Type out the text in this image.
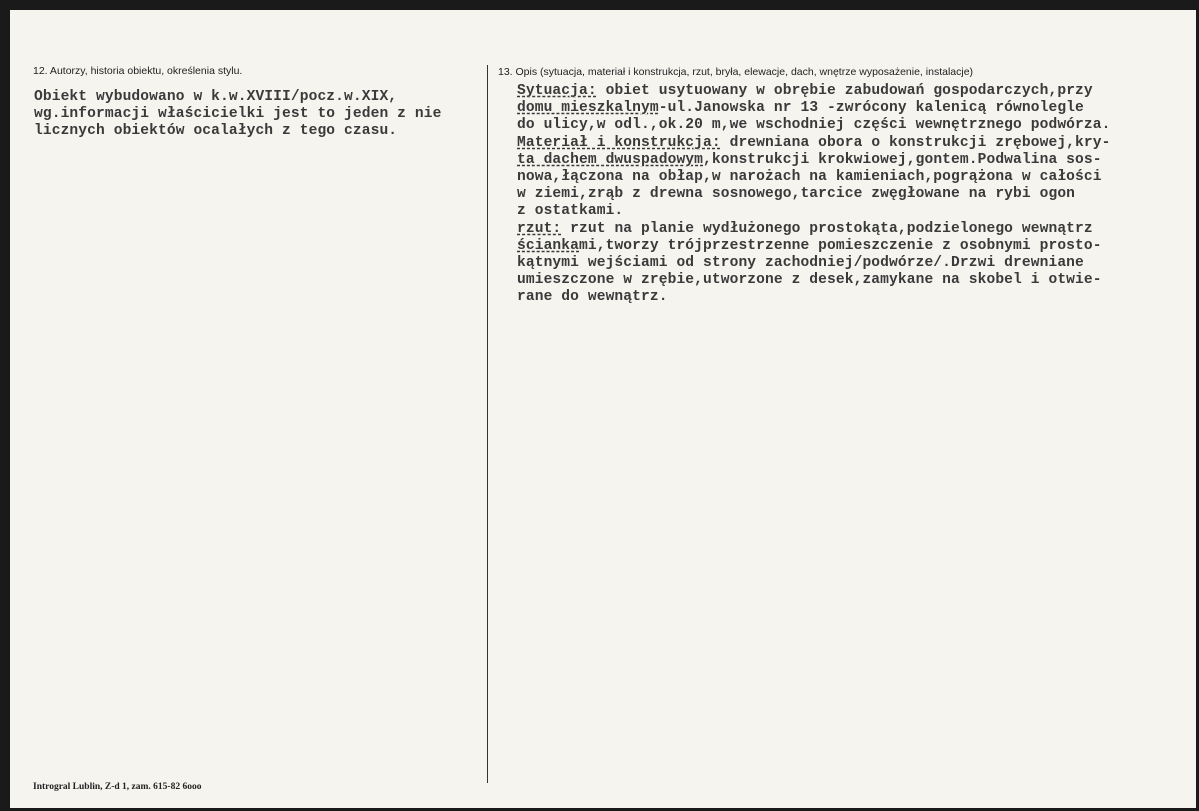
12. Autorzy, historia obiektu, określenia stylu.
Obiekt wybudowano w k.w.XVIII/pocz.w.XIX,
wg.informacji właścicielki jest to jeden z nie
licznych obiektów ocalałych z tego czasu.
13. Opis (sytuacja, materiał i konstrukcja, rzut, bryła, elewacje, dach, wnętrze wyposażenie, instalacje)
Sytuacja: obiet usytuowany w obrębie zabudowań gospodarczych,przy
domu mieszkalnym-ul.Janowska nr 13 -zwrócony kalenicą równolegle
do ulicy,w odl.,ok.20 m,we wschodniej części wewnętrznego podwórza.
Materiał i konstrukcja: drewniana obora o konstrukcji zrębowej,kry-
ta dachem dwuspadowym,konstrukcji krokwiowej,gontem.Podwalina sos-
nowa,łączona na obłap,w narożach na kamieniach,pogrążona w całości
w ziemi,zrąb z drewna sosnowego,tarcice zwęgłowane na rybi ogon
z ostatkami.
rzut: rzut na planie wydłużonego prostokąta,podzielonego wewnątrz
ściankami,tworzy trójprzestrzenne pomieszczenie z osobnymi prosto-
kątnymi wejściami od strony zachodniej/podwórze/.Drzwi drewniane
umieszczone w zrębie,utworzone z desek,zamykane na skobel i otwie-
rane do wewnątrz.
Introgral Lublin, Z-d 1, zam. 615-82 6ooo
